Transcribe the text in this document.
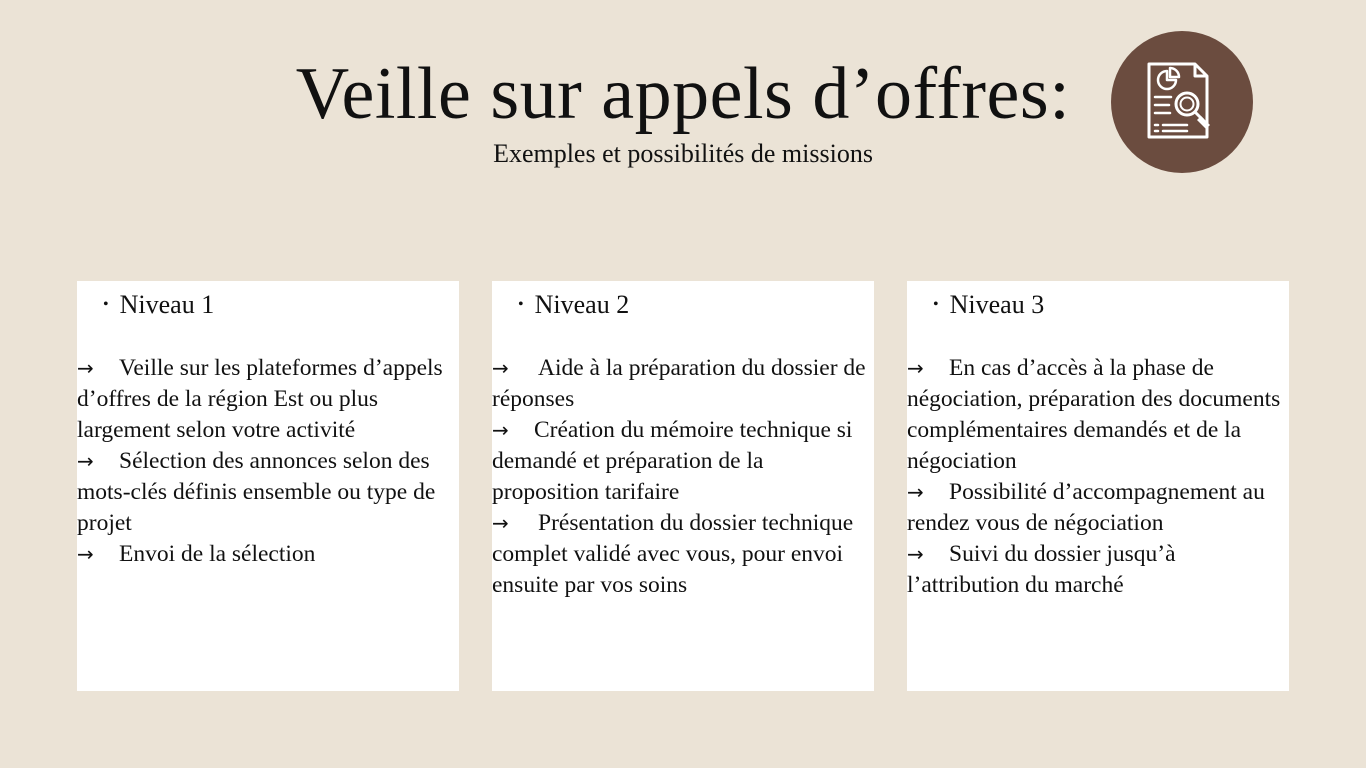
Veille sur appels d’offres:
Exemples et possibilités de missions
• Niveau 1

→ Veille sur les plateformes d’appels d’offres de la région Est ou plus largement selon votre activité

→ Sélection des annonces selon des mots-clés définis ensemble ou type de projet

→ Envoi de la sélection

• Niveau 2

→ Aide à la préparation du dossier de réponses

→ Création du mémoire technique si demandé et préparation de la proposition tarifaire

→ Présentation du dossier technique complet validé avec vous, pour envoi ensuite par vos soins

• Niveau 3

→ En cas d’accès à la phase de négociation, préparation des documents complémentaires demandés et de la négociation

→ Possibilité d’accompagnement au rendez vous de négociation

→ Suivi du dossier jusqu’à l’attribution du marché
